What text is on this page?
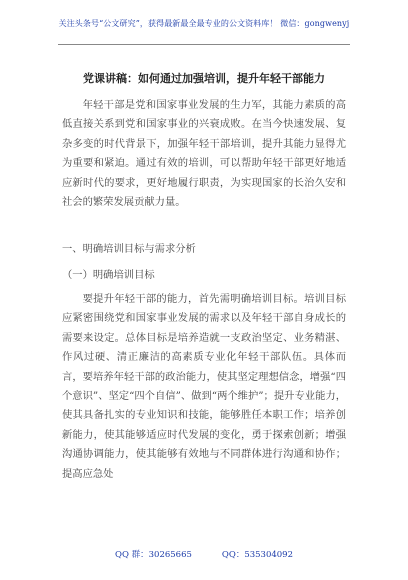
关注头条号“公文研究”，获得最新最全最专业的公文资料库！ 微信：gongwenyj
党课讲稿：如何通过加强培训，提升年轻干部能力

年轻干部是党和国家事业发展的生力军，其能力素质的高低直接关系到党和国家事业的兴衰成败。在当今快速发展、复杂多变的时代背景下，加强年轻干部培训，提升其能力显得尤为重要和紧迫。通过有效的培训，可以帮助年轻干部更好地适应新时代的要求，更好地履行职责，为实现国家的长治久安和社会的繁荣发展贡献力量。

一、明确培训目标与需求分析
（一）明确培训目标

要提升年轻干部的能力，首先需明确培训目标。培训目标应紧密围绕党和国家事业发展的需求以及年轻干部自身成长的需要来设定。总体目标是培养造就一支政治坚定、业务精湛、作风过硬、清正廉洁的高素质专业化年轻干部队伍。具体而言，要培养年轻干部的政治能力，使其坚定理想信念，增强“四个意识”、坚定“四个自信”、做到“两个维护”；提升专业能力，使其具备扎实的专业知识和技能，能够胜任本职工作；培养创新能力，使其能够适应时代发展的变化，勇于探索创新；增强沟通协调能力，使其能够有效地与不同群体进行沟通和协作；提高应急处

QQ 群：30265665	QQ：535304092
